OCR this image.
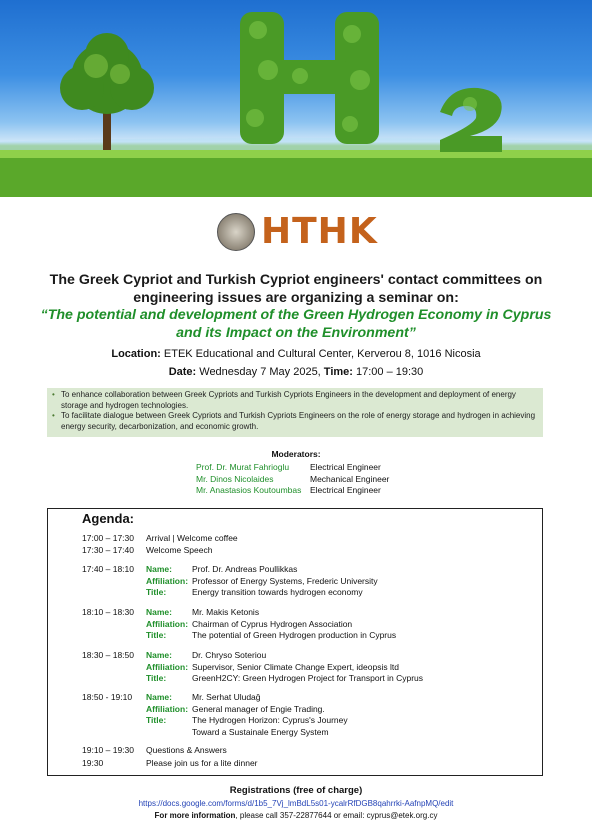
HTHK
The Greek Cypriot and Turkish Cypriot engineers' contact committees on
engineering issues are organizing a seminar on:
“The potential and development of the Green Hydrogen Economy in Cyprus
and its Impact on the Environment”
Location: ETEK Educational and Cultural Center, Kerverou 8, 1016 Nicosia
Date: Wednesday 7 May 2025, Time: 17:00 – 19:30
• To enhance collaboration between Greek Cypriots and Turkish Cypriots Engineers in the development and deployment of energy storage and hydrogen technologies.
• To facilitate dialogue between Greek Cypriots and Turkish Cypriots Engineers on the role of energy storage and hydrogen in achieving energy security, decarbonization, and economic growth.
Moderators:
Prof. Dr. Murat Fahrioglu	Electrical Engineer
Mr. Dinos Nicolaides	Mechanical Engineer
Mr. Anastasios Koutoumbas	Electrical Engineer
Agenda:
17:00 – 17:30	Arrival | Welcome coffee
17:30 – 17:40	Welcome Speech
17:40 – 18:10	Name:	Prof. Dr. Andreas Poullikkas
Affiliation: Professor of Energy Systems, Frederic University
Title:	Energy transition towards hydrogen economy
18:10 – 18:30	Name:	Mr. Makis Ketonis
Affiliation: Chairman of Cyprus Hydrogen Association
Title:	The potential of Green Hydrogen production in Cyprus
18:30 – 18:50	Name:	Dr. Chryso Soteriou
Affiliation: Supervisor, Senior Climate Change Expert, ideopsis ltd
Title:	GreenH2CY: Green Hydrogen Project for Transport in Cyprus
18:50 - 19:10	Name:	Mr. Serhat Uludağ
Affiliation: General manager of Engie Trading.
Title:	The Hydrogen Horizon: Cyprus's Journey
Toward a Sustainale Energy System
19:10 – 19:30	Questions & Answers
19:30	Please join us for a lite dinner
Registrations (free of charge)
https://docs.google.com/forms/d/1b5_7Vj_lmBdL5s01-ycalrRfDGB8qahrrki-AafnpMQ/edit
For more information, please call 357-22877644 or email: cyprus@etek.org.cy
